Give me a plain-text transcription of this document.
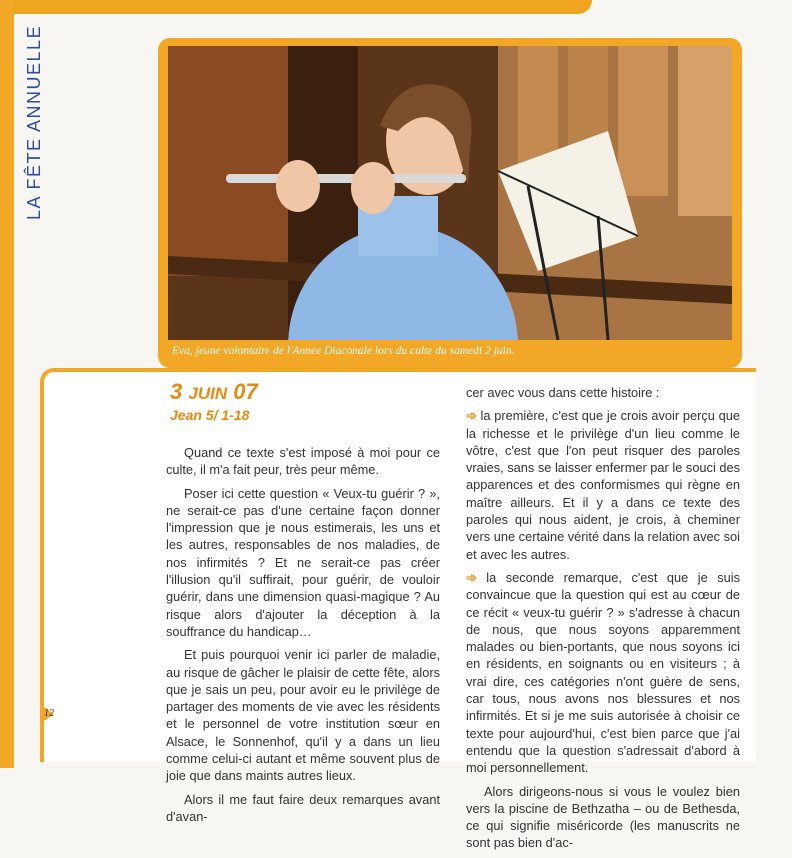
LA FÊTE ANNUELLE
Eva, jeune volontaire de l'Année Diaconale lors du culte du samedi 2 juin.
3 JUIN 07
Jean 5/ 1-18

Quand ce texte s'est imposé à moi pour ce culte, il m'a fait peur, très peur même.

Poser ici cette question « Veux-tu guérir ? », ne serait-ce pas d'une certaine façon donner l'impression que je nous estimerais, les uns et les autres, responsables de nos maladies, de nos infirmités ? Et ne serait-ce pas créer l'illusion qu'il suffirait, pour guérir, de vouloir guérir, dans une dimension quasi-magique ? Au risque alors d'ajouter la déception à la souffrance du handicap…

Et puis pourquoi venir ici parler de maladie, au risque de gâcher le plaisir de cette fête, alors que je sais un peu, pour avoir eu le privilège de partager des moments de vie avec les résidents et le personnel de votre institution sœur en Alsace, le Sonnenhof, qu'il y a dans un lieu comme celui-ci autant et même souvent plus de joie que dans maints autres lieux.

Alors il me faut faire deux remarques avant d'avan-

cer avec vous dans cette histoire :

➾ la première, c'est que je crois avoir perçu que la richesse et le privilège d'un lieu comme le vôtre, c'est que l'on peut risquer des paroles vraies, sans se laisser enfermer par le souci des apparences et des conformismes qui règne en maître ailleurs. Et il y a dans ce texte des paroles qui nous aident, je crois, à cheminer vers une certaine vérité dans la relation avec soi et avec les autres.

➾ la seconde remarque, c'est que je suis convaincue que la question qui est au cœur de ce récit « veux-tu guérir ? » s'adresse à chacun de nous, que nous soyons apparemment malades ou bien-portants, que nous soyons ici en résidents, en soignants ou en visiteurs ; à vrai dire, ces catégories n'ont guère de sens, car tous, nous avons nos blessures et nos infirmités. Et si je me suis autorisée à choisir ce texte pour aujourd'hui, c'est bien parce que j'ai entendu que la question s'adressait d'abord à moi personnellement.

Alors dirigeons-nous si vous le voulez bien vers la piscine de Bethzatha – ou de Bethesda, ce qui signifie miséricorde (les manuscrits ne sont pas bien d'ac-

12
